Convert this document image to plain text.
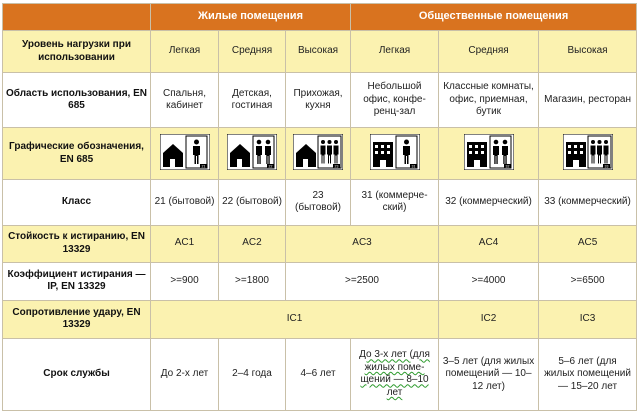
	Жилые помещения			Общественные помещения		
Уровень нагрузки при использовании	Легкая	Средняя	Высокая	Легкая	Средняя	Высокая
Область использования, EN 685	Спальня, кабинет	Детская, гостиная	Прихожая, кухня	Небольшой офис, конференц-зал	Классные комнаты, офис, приемная, бутик	Магазин, ресторан
Графические обозначения, EN 685	21	22	23	31	32	33

Класс	21 (бытовой)	22 (бытовой)	23 (бытовой)	31 (коммерческий)	32 (коммерческий)	33 (коммерческий)
Стойкость к истиранию, EN 13329	AC1	AC2	AC3		AC4	AC5
Коэффициент истирания — IP, EN 13329	>=900	>=1800	>=2500		>=4000	>=6500
Сопротивление удару, EN 13329	IC1				IC2	IC3
Срок службы	До 2-х лет	2–4 года	4–6 лет	До 3-х лет (для жилых помещений — 8–10 лет	3–5 лет (для жилых помещений — 10–12 лет)	5–6 лет (для жилых помещений — 15–20 лет
